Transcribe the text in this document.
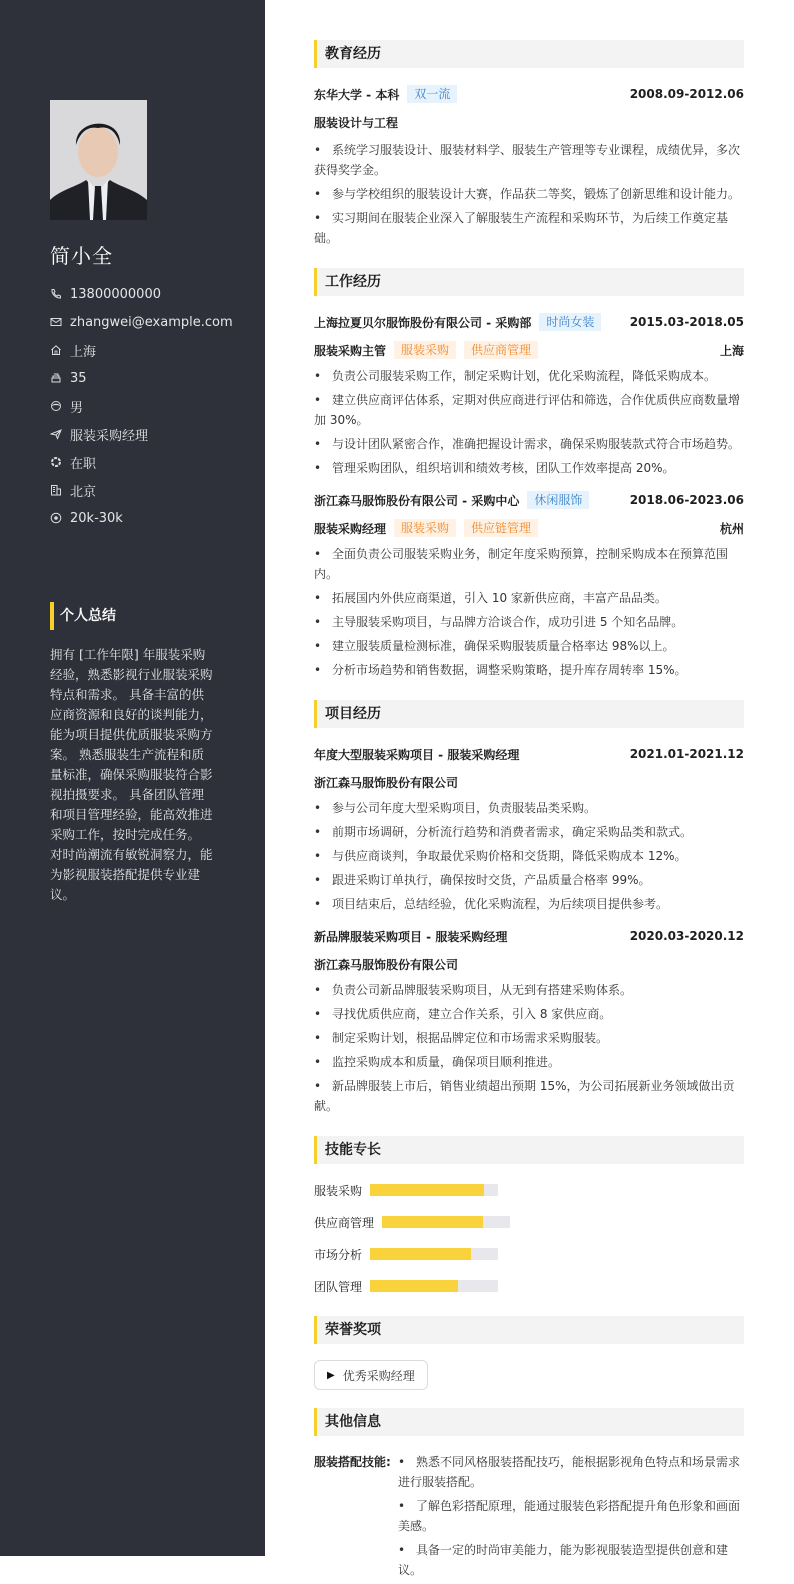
简小全
13800000000
zhangwei@example.com
上海
35
男
服装采购经理
在职
北京
20k-30k
个人总结
拥有 [工作年限] 年服装采购经验，熟悉影视行业服装采购特点和需求。 具备丰富的供应商资源和良好的谈判能力，能为项目提供优质服装采购方案。 熟悉服装生产流程和质量标准，确保采购服装符合影视拍摄要求。 具备团队管理和项目管理经验，能高效推进采购工作，按时完成任务。 对时尚潮流有敏锐洞察力，能为影视服装搭配提供专业建议。
教育经历
东华大学 - 本科	双一流	2008.09-2012.06
服装设计与工程
• 系统学习服装设计、服装材料学、服装生产管理等专业课程，成绩优异，多次获得奖学金。
• 参与学校组织的服装设计大赛，作品获二等奖，锻炼了创新思维和设计能力。
• 实习期间在服装企业深入了解服装生产流程和采购环节，为后续工作奠定基础。
工作经历
上海拉夏贝尔服饰股份有限公司 - 采购部	时尚女装	2015.03-2018.05
服装采购主管	服装采购	供应商管理	上海
• 负责公司服装采购工作，制定采购计划，优化采购流程，降低采购成本。
• 建立供应商评估体系，定期对供应商进行评估和筛选，合作优质供应商数量增加 30%。
• 与设计团队紧密合作，准确把握设计需求，确保采购服装款式符合市场趋势。
• 管理采购团队，组织培训和绩效考核，团队工作效率提高 20%。
浙江森马服饰股份有限公司 - 采购中心	休闲服饰	2018.06-2023.06
服装采购经理	服装采购	供应链管理	杭州
• 全面负责公司服装采购业务，制定年度采购预算，控制采购成本在预算范围内。
• 拓展国内外供应商渠道，引入 10 家新供应商，丰富产品品类。
• 主导服装采购项目，与品牌方洽谈合作，成功引进 5 个知名品牌。
• 建立服装质量检测标准，确保采购服装质量合格率达 98%以上。
• 分析市场趋势和销售数据，调整采购策略，提升库存周转率 15%。
项目经历
年度大型服装采购项目 - 服装采购经理	2021.01-2021.12
浙江森马服饰股份有限公司
• 参与公司年度大型采购项目，负责服装品类采购。
• 前期市场调研，分析流行趋势和消费者需求，确定采购品类和款式。
• 与供应商谈判，争取最优采购价格和交货期，降低采购成本 12%。
• 跟进采购订单执行，确保按时交货，产品质量合格率 99%。
• 项目结束后，总结经验，优化采购流程，为后续项目提供参考。
新品牌服装采购项目 - 服装采购经理	2020.03-2020.12
浙江森马服饰股份有限公司
• 负责公司新品牌服装采购项目，从无到有搭建采购体系。
• 寻找优质供应商，建立合作关系，引入 8 家供应商。
• 制定采购计划，根据品牌定位和市场需求采购服装。
• 监控采购成本和质量，确保项目顺利推进。
• 新品牌服装上市后，销售业绩超出预期 15%，为公司拓展新业务领域做出贡献。
技能专长
服装采购
供应商管理
市场分析
团队管理
荣誉奖项
▶ 优秀采购经理
其他信息
服装搭配技能: • 熟悉不同风格服装搭配技巧，能根据影视角色特点和场景需求进行服装搭配。
• 了解色彩搭配原理，能通过服装色彩搭配提升角色形象和画面美感。
• 具备一定的时尚审美能力，能为影视服装造型提供创意和建议。
